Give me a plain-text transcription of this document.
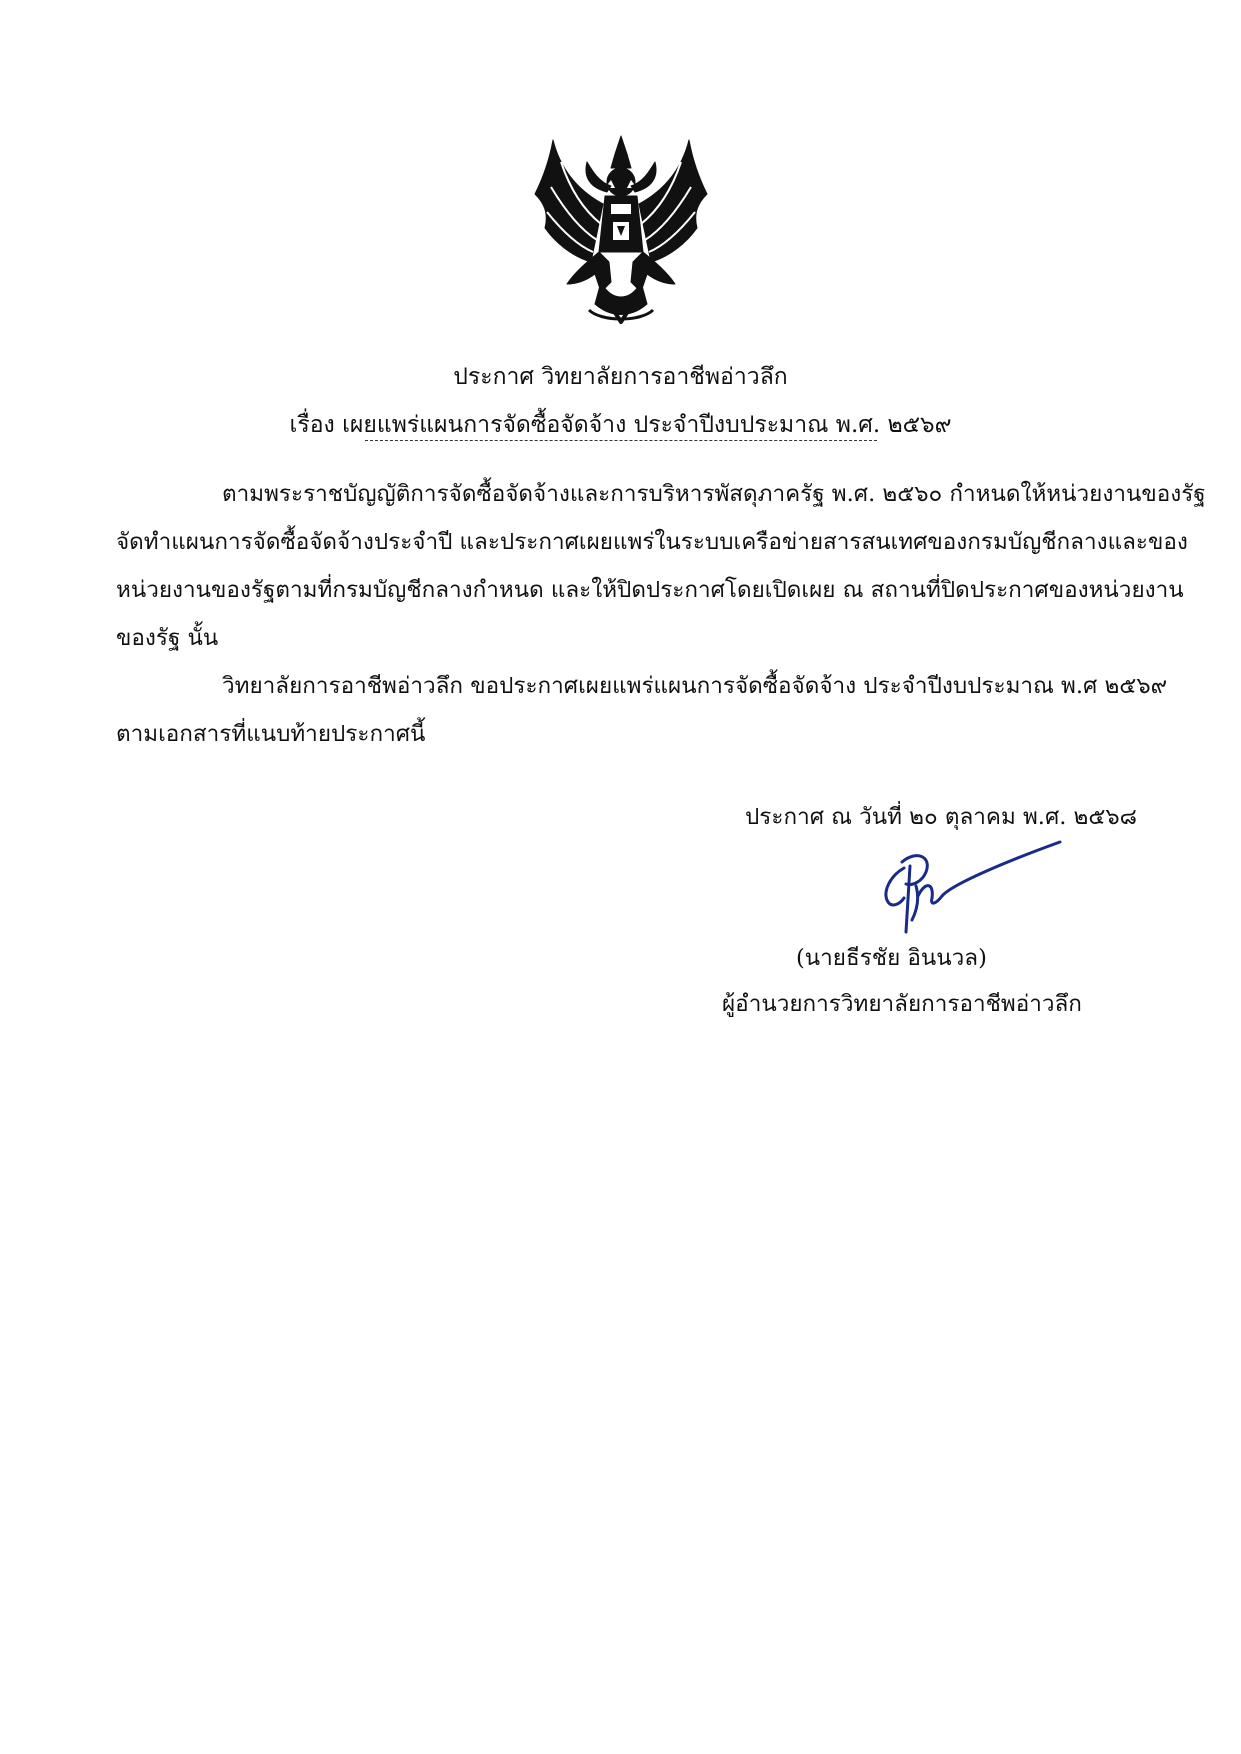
ประกาศ วิทยาลัยการอาชีพอ่าวลึก
เรื่อง เผยแพร่แผนการจัดซื้อจัดจ้าง ประจำปีงบประมาณ พ.ศ. ๒๕๖๙
ตามพระราชบัญญัติการจัดซื้อจัดจ้างและการบริหารพัสดุภาครัฐ พ.ศ. ๒๕๖๐ กำหนดให้หน่วยงานของรัฐ
จัดทำแผนการจัดซื้อจัดจ้างประจำปี และประกาศเผยแพร่ในระบบเครือข่ายสารสนเทศของกรมบัญชีกลางและของ
หน่วยงานของรัฐตามที่กรมบัญชีกลางกำหนด และให้ปิดประกาศโดยเปิดเผย ณ สถานที่ปิดประกาศของหน่วยงาน
ของรัฐ นั้น
วิทยาลัยการอาชีพอ่าวลึก ขอประกาศเผยแพร่แผนการจัดซื้อจัดจ้าง ประจำปีงบประมาณ พ.ศ ๒๕๖๙
ตามเอกสารที่แนบท้ายประกาศนี้
ประกาศ ณ วันที่ ๒๐ ตุลาคม พ.ศ. ๒๕๖๘
(นายธีรชัย อินนวล)
ผู้อำนวยการวิทยาลัยการอาชีพอ่าวลึก
